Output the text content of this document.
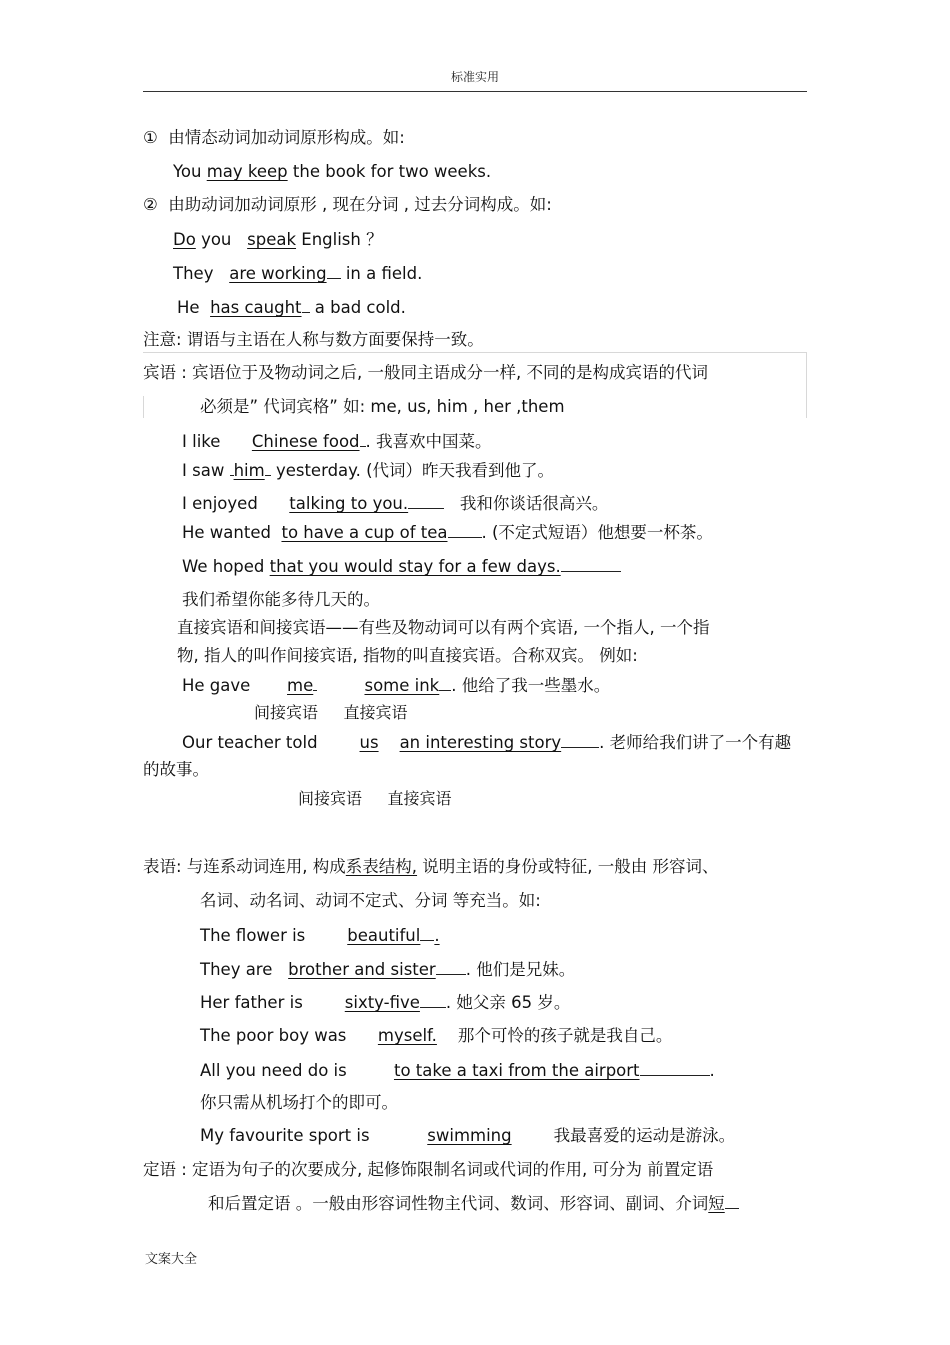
标准实用
① 由情态动词加动词原形构成。如:
You may keep the book for two weeks.
② 由助动词加动词原形 , 现在分词 , 过去分词构成。如:
Do you speak English ？
They are working in a field.
He has caught a bad cold.
注意: 谓语与主语在人称与数方面要保持一致。
宾语 : 宾语位于及物动词之后, 一般同主语成分一样, 不同的是构成宾语的代词
必须是” 代词宾格” 如: me, us, him , her ,them
I like Chinese food . 我喜欢中国菜。
I saw him yesterday. (代词）昨天我看到他了。
I enjoyed talking to you.	我和你谈话很高兴。
He wanted to have a cup of tea . (不定式短语）他想要一杯茶。
We hoped that you would stay for a few days.
我们希望你能多待几天的。
直接宾语和间接宾语——有些及物动词可以有两个宾语, 一个指人, 一个指
物, 指人的叫作间接宾语, 指物的叫直接宾语。合称双宾。 例如:
He gave me	some ink . 他给了我一些墨水。
间接宾语 直接宾语
Our teacher told	us an interesting story . 老师给我们讲了一个有趣
的故事。
间接宾语 直接宾语
表语: 与连系动词连用, 构成系表结构, 说明主语的身份或特征, 一般由 形容词、
名词、动名词、动词不定式、分词 等充当。如:
The flower is	beautiful .
They are brother and sister . 他们是兄妹。
Her father is	sixty-five . 她父亲 65 岁。
The poor boy was myself. 那个可怜的孩子就是我自己。
All you need do is	to take a taxi from the airport	.
你只需从机场打个的即可。
My favourite sport is	swimming	我最喜爱的运动是游泳。
定语 : 定语为句子的次要成分, 起修饰限制名词或代词的作用, 可分为 前置定语
和后置定语 。一般由形容词性物主代词、数词、形容词、副词、介词短
文案大全
